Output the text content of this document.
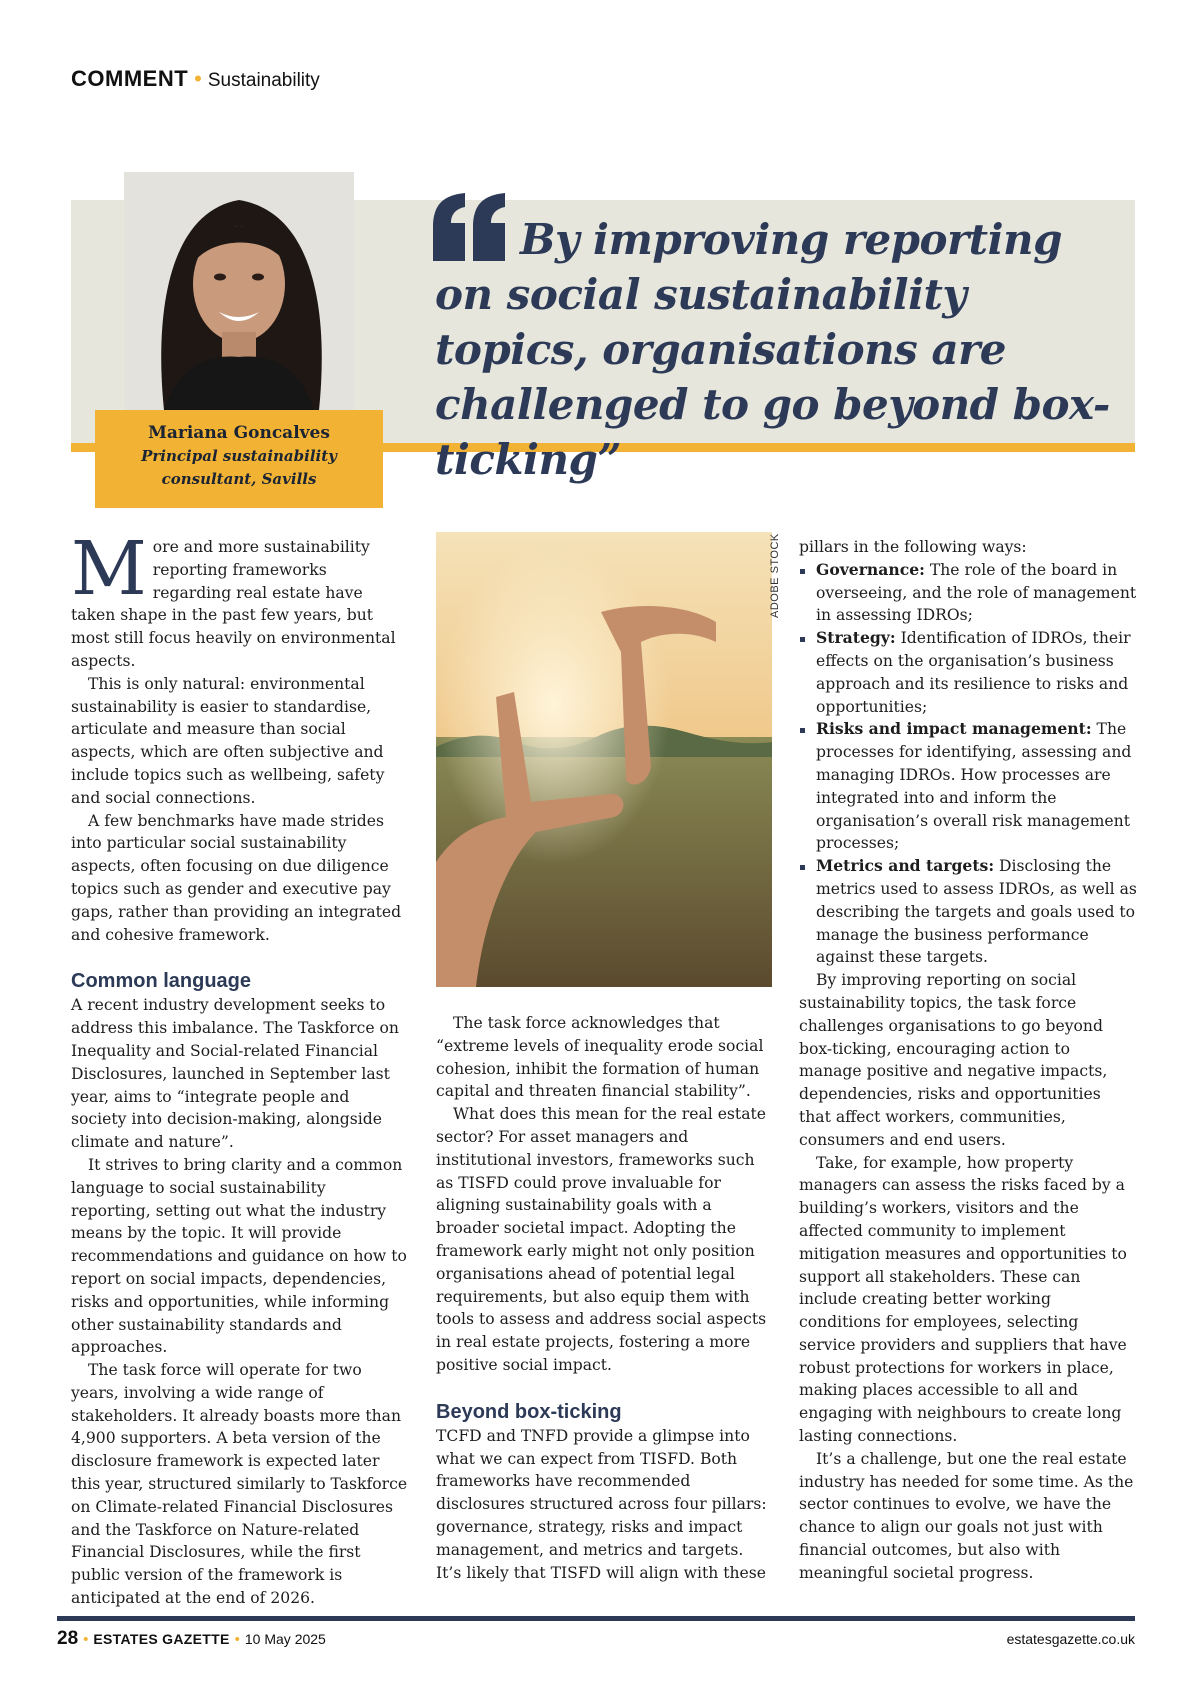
COMMENT • Sustainability
Mariana Goncalves
Principal sustainability
consultant, Savills
By improving reporting on social sustainability topics, organisations are challenged to go beyond box-ticking”
M ore and more sustainability reporting frameworks regarding real estate have taken shape in the past few years, but most still focus heavily on environmental aspects.

This is only natural: environmental sustainability is easier to standardise, articulate and measure than social aspects, which are often subjective and include topics such as wellbeing, safety and social connections.

A few benchmarks have made strides into particular social sustainability aspects, often focusing on due diligence topics such as gender and executive pay gaps, rather than providing an integrated and cohesive framework.

Common language

A recent industry development seeks to address this imbalance. The Taskforce on Inequality and Social-related Financial Disclosures, launched in September last year, aims to “integrate people and society into decision-making, alongside climate and nature”.

It strives to bring clarity and a common language to social sustainability reporting, setting out what the industry means by the topic. It will provide recommendations and guidance on how to report on social impacts, dependencies, risks and opportunities, while informing other sustainability standards and approaches.

The task force will operate for two years, involving a wide range of stakeholders. It already boasts more than 4,900 supporters. A beta version of the disclosure framework is expected later this year, structured similarly to Taskforce on Climate-related Financial Disclosures and the Taskforce on Nature-related Financial Disclosures, while the first public version of the framework is anticipated at the end of 2026.

ADOBE STOCK

The task force acknowledges that “extreme levels of inequality erode social cohesion, inhibit the formation of human capital and threaten financial stability”.

What does this mean for the real estate sector? For asset managers and institutional investors, frameworks such as TISFD could prove invaluable for aligning sustainability goals with a broader societal impact. Adopting the framework early might not only position organisations ahead of potential legal requirements, but also equip them with tools to assess and address social aspects in real estate projects, fostering a more positive social impact.

Beyond box-ticking

TCFD and TNFD provide a glimpse into what we can expect from TISFD. Both frameworks have recommended disclosures structured across four pillars: governance, strategy, risks and impact management, and metrics and targets. It’s likely that TISFD will align with these

pillars in the following ways:

Governance: The role of the board in overseeing, and the role of management in assessing IDROs;
Strategy: Identification of IDROs, their effects on the organisation’s business approach and its resilience to risks and opportunities;
Risks and impact management: The processes for identifying, assessing and managing IDROs. How processes are integrated into and inform the organisation’s overall risk management processes;
Metrics and targets: Disclosing the metrics used to assess IDROs, as well as describing the targets and goals used to manage the business performance against these targets.

By improving reporting on social sustainability topics, the task force challenges organisations to go beyond box-ticking, encouraging action to manage positive and negative impacts, dependencies, risks and opportunities that affect workers, communities, consumers and end users.

Take, for example, how property managers can assess the risks faced by a building’s workers, visitors and the affected community to implement mitigation measures and opportunities to support all stakeholders. These can include creating better working conditions for employees, selecting service providers and suppliers that have robust protections for workers in place, making places accessible to all and engaging with neighbours to create long lasting connections.

It’s a challenge, but one the real estate industry has needed for some time. As the sector continues to evolve, we have the chance to align our goals not just with financial outcomes, but also with meaningful societal progress.

28 • ESTATES GAZETTE • 10 May 2025	estatesgazette.co.uk
